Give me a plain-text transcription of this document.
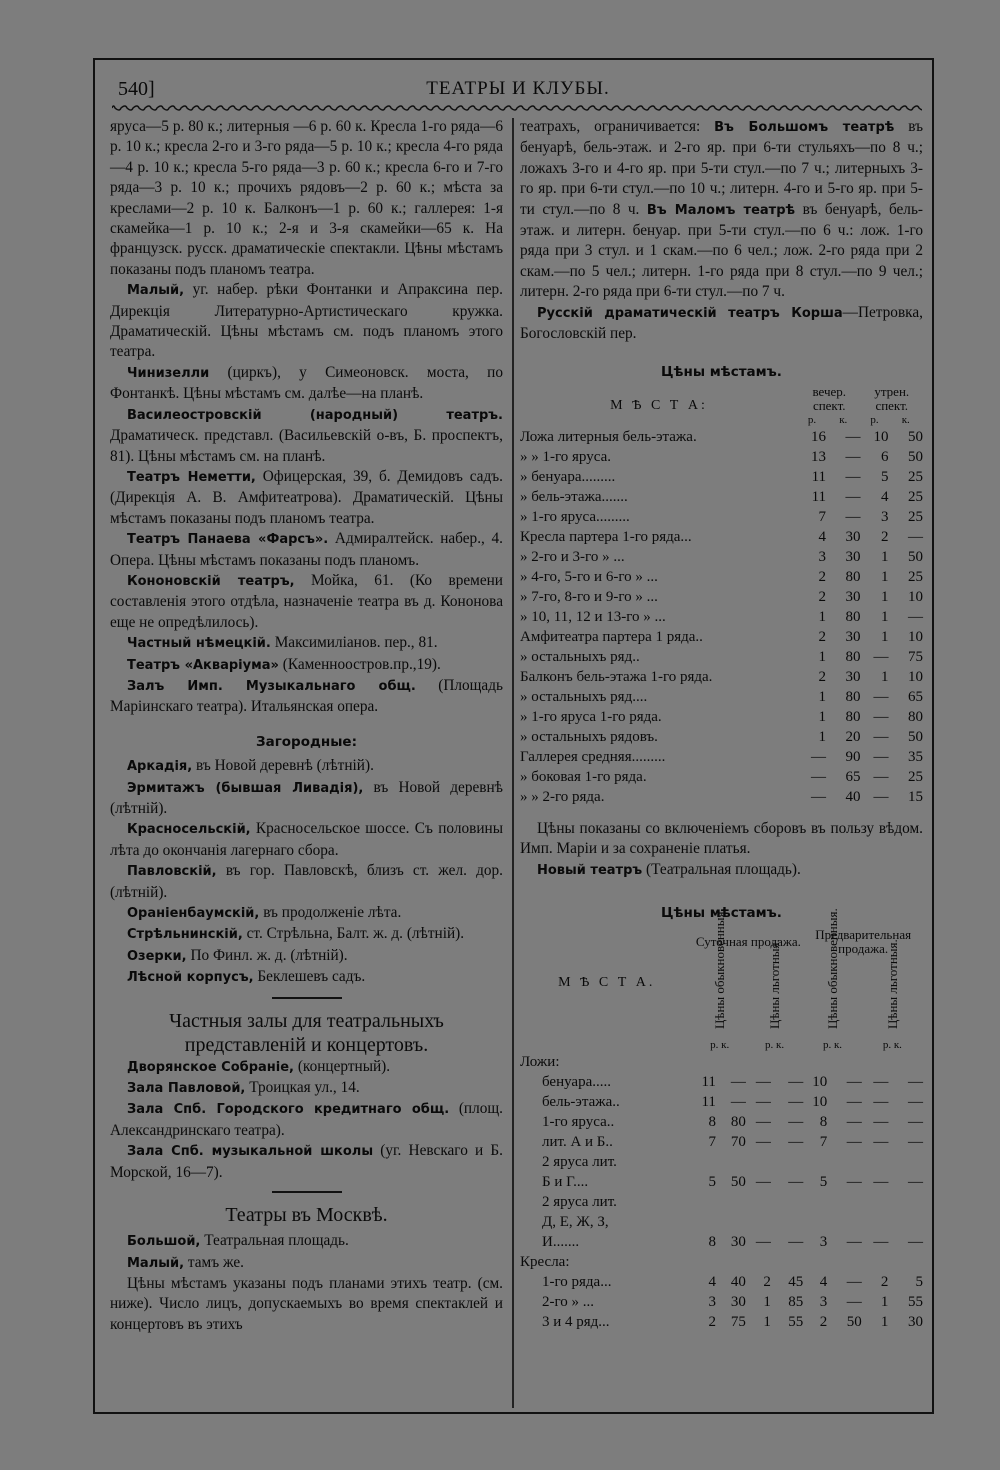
ТЕАТРЫ И КЛУБЫ.
540]

яруса—5 р. 80 к.; литерныя —6 р. 60 к. Кресла 1-го ряда—6 р. 10 к.; кресла 2-го и 3-го ряда—5 р. 10 к.; кресла 4-го ряда—4 р. 10 к.; кресла 5-го ряда—3 р. 60 к.; кресла 6-го и 7-го ряда—3 р. 10 к.; прочихъ рядовъ—2 р. 60 к.; мѣста за креслами—2 р. 10 к. Балконъ—1 р. 60 к.; галлерея: 1-я скамейка—1 р. 10 к.; 2-я и 3-я скамейки—65 к. На французск. русск. драматическіе спектакли. Цѣны мѣстамъ показаны подъ планомъ театра.

Малый, уг. набер. рѣки Фонтанки и Апраксина пер. Дирекція Литературно-Артистическаго кружка. Драматическій. Цѣны мѣстамъ см. подъ планомъ этого театра.

Чинизелли (циркъ), у Симеоновск. моста, по Фонтанкѣ. Цѣны мѣстамъ см. далѣе—на планѣ.

Василеостровскій (народный) театръ. Драматическ. представл. (Васильевскій о-въ, Б. проспектъ, 81). Цѣны мѣстамъ см. на планѣ.

Театръ Неметти, Офицерская, 39, б. Демидовъ садъ. (Дирекція А. В. Амфитеатрова). Драматическій. Цѣны мѣстамъ показаны подъ планомъ театра.

Театръ Панаева «Фарсъ». Адмиралтейск. набер., 4. Опера. Цѣны мѣстамъ показаны подъ планомъ.

Кононовскій театръ, Мойка, 61. (Ко времени составленія этого отдѣла, назначеніе театра въ д. Кононова еще не опредѣлилось).

Частный нѣмецкій. Максимиліанов. пер., 81.

Театръ «Акваріума» (Каменноостров.пр.,19).

Залъ Имп. Музыкальнаго общ. (Площадь Маріинскаго театра). Итальянская опера.

Загородные:

Аркадія, въ Новой деревнѣ (лѣтній).

Эрмитажъ (бывшая Ливадія), въ Новой деревнѣ (лѣтній).

Красносельскій, Красносельское шоссе. Съ половины лѣта до окончанія лагернаго сбора.

Павловскій, въ гор. Павловскѣ, близъ ст. жел. дор. (лѣтній).

Ораніенбаумскій, въ продолженіе лѣта.

Стрѣльнинскій, ст. Стрѣльна, Балт. ж. д. (лѣтній).

Озерки, По Финл. ж. д. (лѣтній).

Лѣсной корпусъ, Беклешевъ садъ.

Частныя залы для театральныхъ представленій и концертовъ.

Дворянское Собраніе, (концертный).

Зала Павловой, Троицкая ул., 14.

Зала Спб. Городского кредитнаго общ. (площ. Александринскаго театра).

Зала Спб. музыкальной школы (уг. Невскаго и Б. Морской, 16—7).

Театры въ Москвѣ.

Большой, Театральная площадь.

Малый, тамъ же.

Цѣны мѣстамъ указаны подъ планами этихъ театр. (см. ниже). Число лицъ, допускаемыхъ во время спектаклей и концертовъ въ этихъ

театрахъ, ограничивается: Въ Большомъ театрѣ въ бенуарѣ, бель-этаж. и 2-го яр. при 6-ти стульяхъ—по 8 ч.; ложахъ 3-го и 4-го яр. при 5-ти стул.—по 7 ч.; литерныхъ 3-го яр. при 6-ти стул.—по 10 ч.; литерн. 4-го и 5-го яр. при 5-ти стул.—по 8 ч. Въ Маломъ театрѣ въ бенуарѣ, бель-этаж. и литерн. бенуар. при 5-ти стул.—по 6 ч.: лож. 1-го ряда при 3 стул. и 1 скам.—по 6 чел.; лож. 2-го ряда при 2 скам.—по 5 чел.; литерн. 1-го ряда при 8 стул.—по 9 чел.; литерн. 2-го ряда при 6-ти стул.—по 7 ч.

Русскій драматическій театръ Корша—Петровка, Богословскій пер.

Цѣны мѣстамъ.
М Ѣ С Т А:	вечер. спект.		утрен. спект.	
	р.	к.	р.	к.
Ложа литерныя бель-этажа.	16	—	10	50
» » 1-го яруса.	13	—	6	50
» бенуара.........	11	—	5	25
» бель-этажа.......	11	—	4	25
» 1-го яруса.........	7	—	3	25
Кресла партера 1-го ряда...	4	30	2	—
» 2-го и 3-го » ...	3	30	1	50
» 4-го, 5-го и 6-го » ...	2	80	1	25
» 7-го, 8-го и 9-го » ...	2	30	1	10
» 10, 11, 12 и 13-го » ...	1	80	1	—
Амфитеатра партера 1 ряда..	2	30	1	10
» остальныхъ ряд..	1	80	—	75
Балконъ бель-этажа 1-го ряда.	2	30	1	10
» остальныхъ ряд....	1	80	—	65
» 1-го яруса 1-го ряда.	1	80	—	80
» остальныхъ рядовъ.	1	20	—	50
Галлерея средняя.........	—	90	—	35
» боковая 1-го ряда.	—	65	—	25
» » 2-го ряда.	—	40	—	15

Цѣны показаны со включеніемъ сборовъ въ пользу вѣдом. Имп. Маріи и за сохраненіе платья.

Новый театръ (Театральная площадь).

Цѣны мѣстамъ.
М Ѣ С Т А.	Суточная продажа.				Предварительная продажа.			
	Цѣны обыкновенныя.		Цѣны льготныя.		Цѣны обыкновенныя.		Цѣны льготныя.	
	р. к.		р. к.		р. к.		р. к.	
Ложи:								
бенуара.....	11	—	—	—	10	—	—	—
бель-этажа..	11	—	—	—	10	—	—	—
1-го яруса..	8	80	—	—	8	—	—	—
лит. А и Б..	7	70	—	—	7	—	—	—
2 яруса лит.								
Б и Г....	5	50	—	—	5	—	—	—
2 яруса лит.								
Д, Е, Ж, З,								
И.......	8	30	—	—	3	—	—	—
Кресла:								
1-го ряда...	4	40	2	45	4	—	2	5
2-го » ...	3	30	1	85	3	—	1	55
3 и 4 ряд...	2	75	1	55	2	50	1	30
